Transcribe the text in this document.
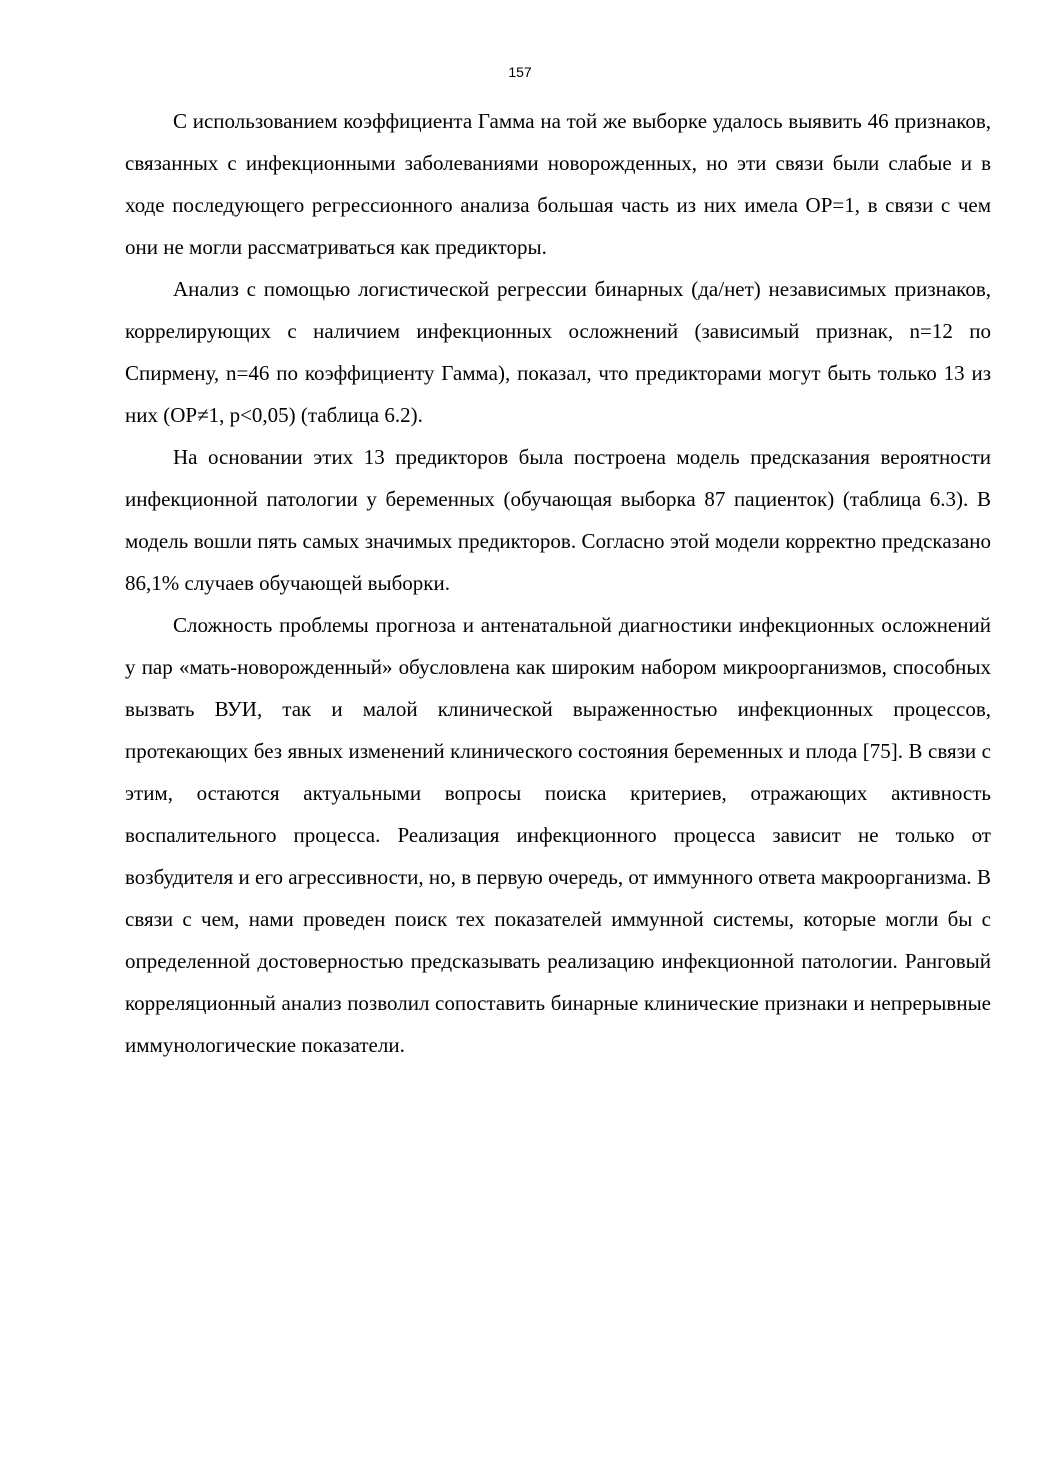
157

С использованием коэффициента Гамма на той же выборке удалось выявить 46 признаков, связанных с инфекционными заболеваниями новорожденных, но эти связи были слабые и в ходе последующего регрессионного анализа большая часть из них имела ОР=1, в связи с чем они не могли рассматриваться как предикторы.

Анализ с помощью логистической регрессии бинарных (да/нет) независимых признаков, коррелирующих с наличием инфекционных осложнений (зависимый признак, n=12 по Спирмену, n=46 по коэффициенту Гамма), показал, что предикторами могут быть только 13 из них (ОР≠1, р<0,05) (таблица 6.2).

На основании этих 13 предикторов была построена модель предсказания вероятности инфекционной патологии у беременных (обучающая выборка 87 пациенток) (таблица 6.3). В модель вошли пять самых значимых предикторов. Согласно этой модели корректно предсказано 86,1% случаев обучающей выборки.

Сложность проблемы прогноза и антенатальной диагностики инфекционных осложнений у пар «мать-новорожденный» обусловлена как широким набором микроорганизмов, способных вызвать ВУИ, так и малой клинической выраженностью инфекционных процессов, протекающих без явных изменений клинического состояния беременных и плода [75]. В связи с этим, остаются актуальными вопросы поиска критериев, отражающих активность воспалительного процесса. Реализация инфекционного процесса зависит не только от возбудителя и его агрессивности, но, в первую очередь, от иммунного ответа макроорганизма. В связи с чем, нами проведен поиск тех показателей иммунной системы, которые могли бы с определенной достоверностью предсказывать реализацию инфекционной патологии. Ранговый корреляционный анализ позволил сопоставить бинарные клинические признаки и непрерывные иммунологические показатели.
